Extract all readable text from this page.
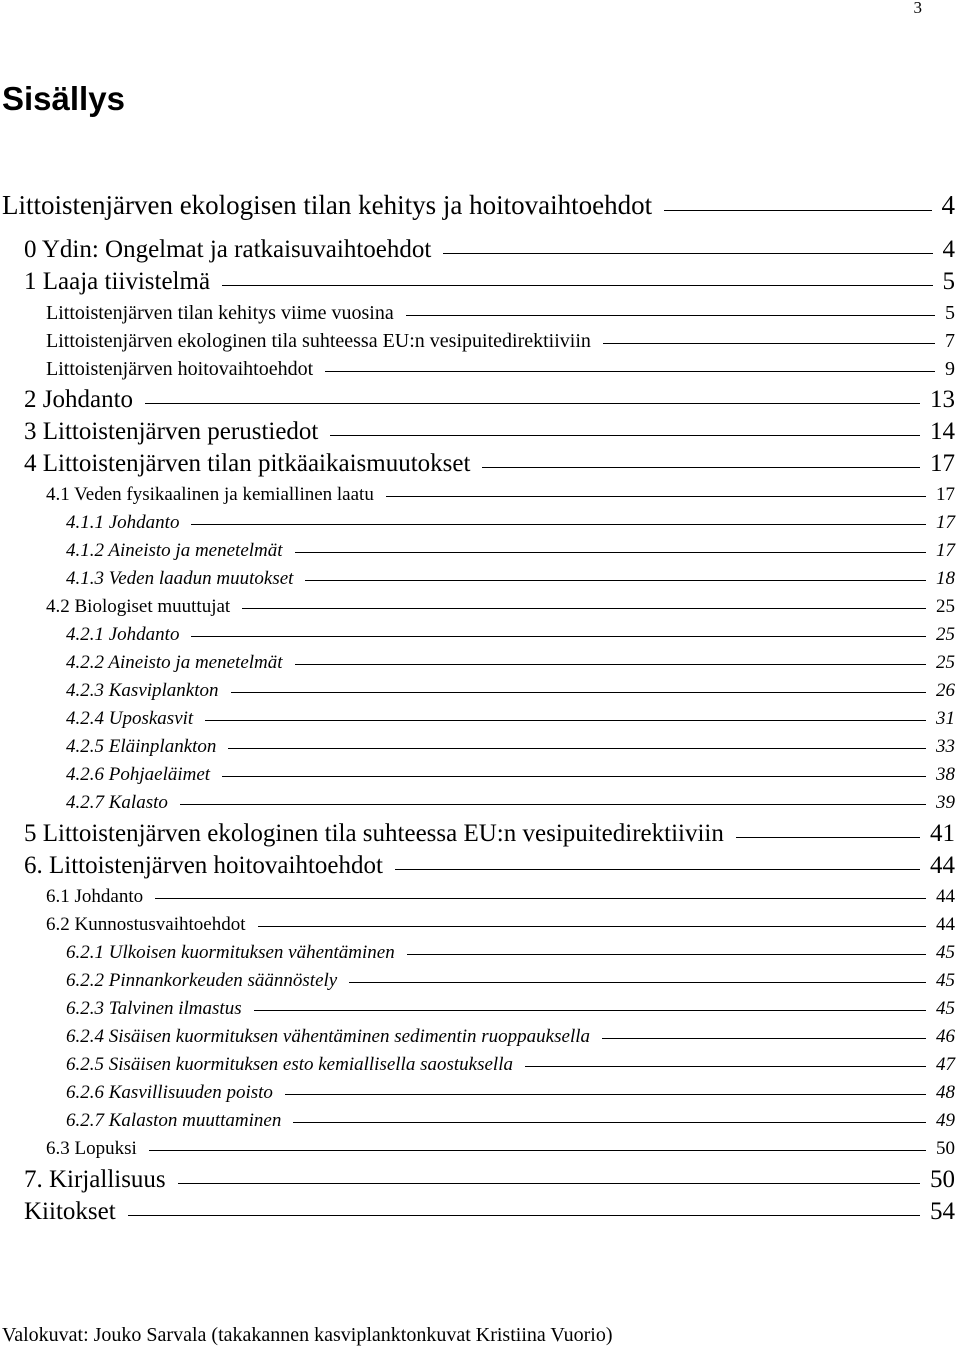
3
Sisällys
Littoistenjärven ekologisen tilan kehitys ja hoitovaihtoehdot	4
0 Ydin: Ongelmat ja ratkaisuvaihtoehdot	4
1 Laaja tiivistelmä	5
Littoistenjärven tilan kehitys viime vuosina	5
Littoistenjärven ekologinen tila suhteessa EU:n vesipuitedirektiiviin	7
Littoistenjärven hoitovaihtoehdot	9
2 Johdanto	13
3 Littoistenjärven perustiedot	14
4 Littoistenjärven tilan pitkäaikaismuutokset	17
4.1 Veden fysikaalinen ja kemiallinen laatu	17
4.1.1 Johdanto	17
4.1.2 Aineisto ja menetelmät	17
4.1.3 Veden laadun muutokset	18
4.2 Biologiset muuttujat	25
4.2.1 Johdanto	25
4.2.2 Aineisto ja menetelmät	25
4.2.3 Kasviplankton	26
4.2.4 Uposkasvit	31
4.2.5 Eläinplankton	33
4.2.6 Pohjaeläimet	38
4.2.7 Kalasto	39
5 Littoistenjärven ekologinen tila suhteessa EU:n vesipuitedirektiiviin	41
6. Littoistenjärven hoitovaihtoehdot	44
6.1 Johdanto	44
6.2 Kunnostusvaihtoehdot	44
6.2.1 Ulkoisen kuormituksen vähentäminen	45
6.2.2 Pinnankorkeuden säännöstely	45
6.2.3 Talvinen ilmastus	45
6.2.4 Sisäisen kuormituksen vähentäminen sedimentin ruoppauksella	46
6.2.5 Sisäisen kuormituksen esto kemiallisella saostuksella	47
6.2.6 Kasvillisuuden poisto	48
6.2.7 Kalaston muuttaminen	49
6.3 Lopuksi	50
7. Kirjallisuus	50
Kiitokset	54
Valokuvat: Jouko Sarvala (takakannen kasviplanktonkuvat Kristiina Vuorio)
